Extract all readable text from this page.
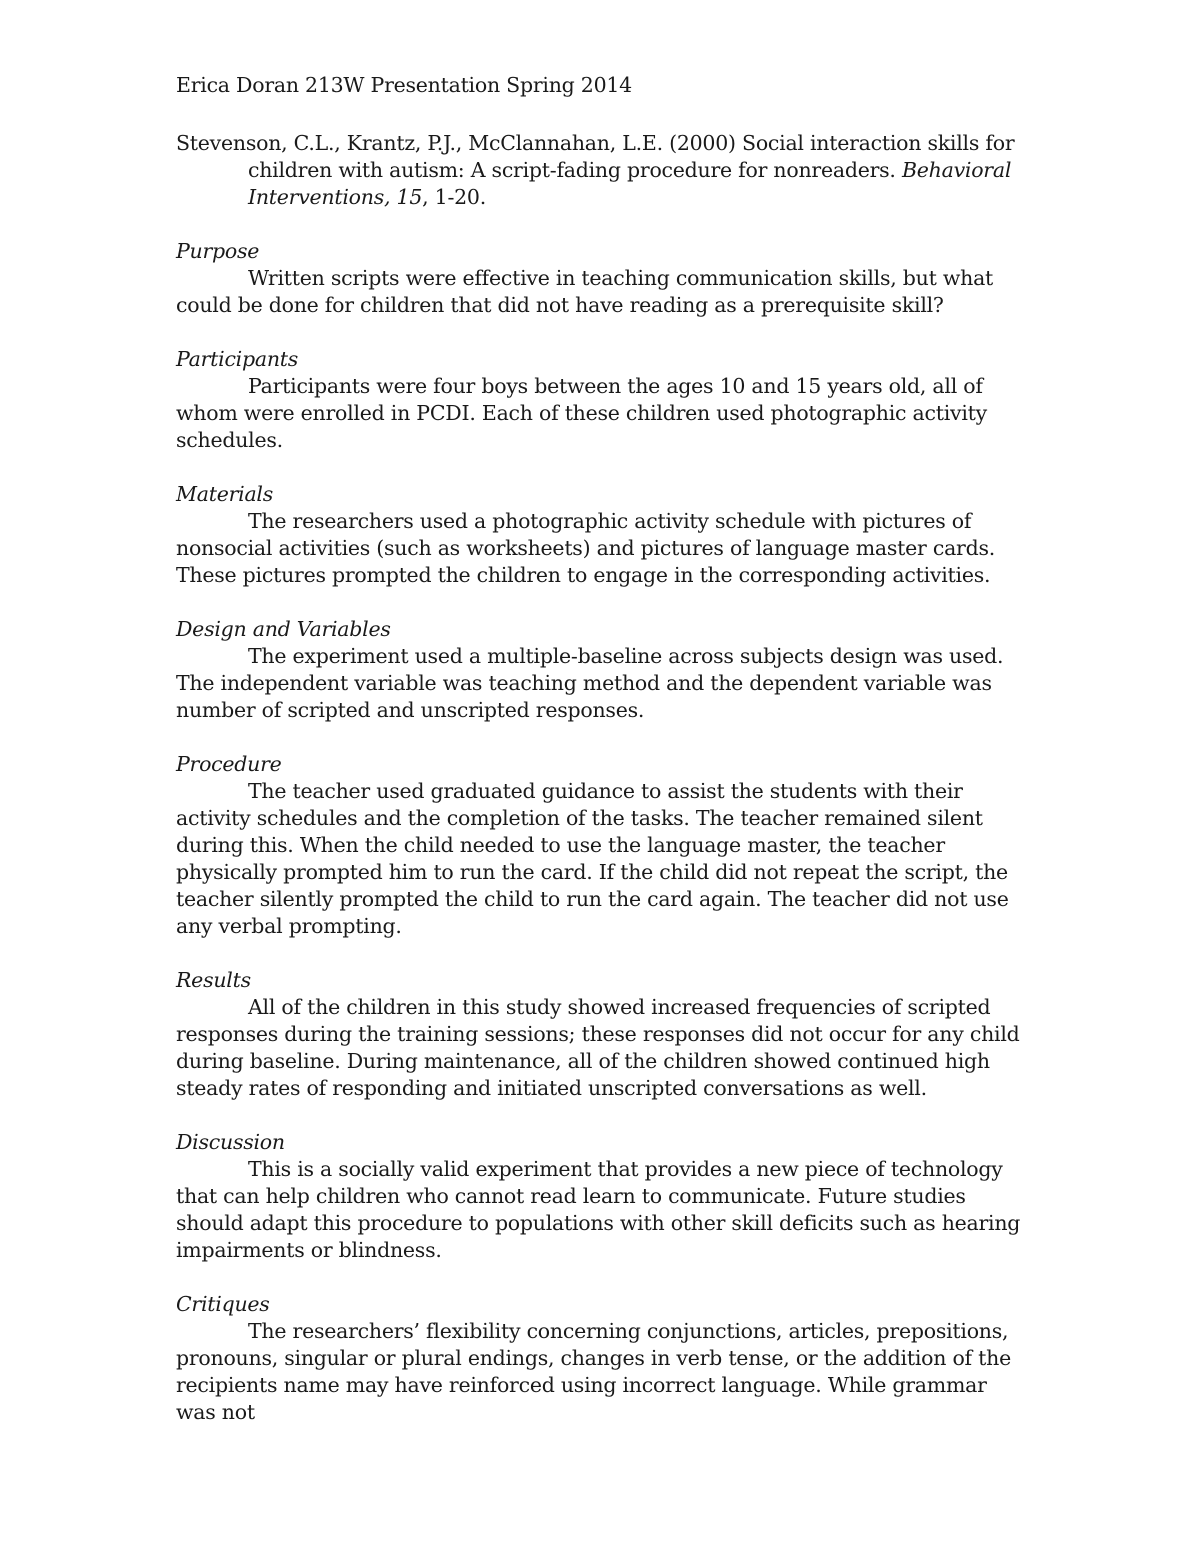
Erica Doran 213W Presentation Spring 2014

Stevenson, C.L., Krantz, P.J., McClannahan, L.E. (2000) Social interaction skills for children with autism: A script-fading procedure for nonreaders. Behavioral Interventions, 15, 1-20.

Purpose

Written scripts were effective in teaching communication skills, but what could be done for children that did not have reading as a prerequisite skill?

Participants

Participants were four boys between the ages 10 and 15 years old, all of whom were enrolled in PCDI. Each of these children used photographic activity schedules.

Materials

The researchers used a photographic activity schedule with pictures of nonsocial activities (such as worksheets) and pictures of language master cards. These pictures prompted the children to engage in the corresponding activities.

Design and Variables

The experiment used a multiple-baseline across subjects design was used. The independent variable was teaching method and the dependent variable was number of scripted and unscripted responses.

Procedure

The teacher used graduated guidance to assist the students with their activity schedules and the completion of the tasks. The teacher remained silent during this. When the child needed to use the language master, the teacher physically prompted him to run the card. If the child did not repeat the script, the teacher silently prompted the child to run the card again. The teacher did not use any verbal prompting.

Results

All of the children in this study showed increased frequencies of scripted responses during the training sessions; these responses did not occur for any child during baseline. During maintenance, all of the children showed continued high steady rates of responding and initiated unscripted conversations as well.

Discussion

This is a socially valid experiment that provides a new piece of technology that can help children who cannot read learn to communicate. Future studies should adapt this procedure to populations with other skill deficits such as hearing impairments or blindness.

Critiques

The researchers’ flexibility concerning conjunctions, articles, prepositions, pronouns, singular or plural endings, changes in verb tense, or the addition of the recipients name may have reinforced using incorrect language. While grammar was not
